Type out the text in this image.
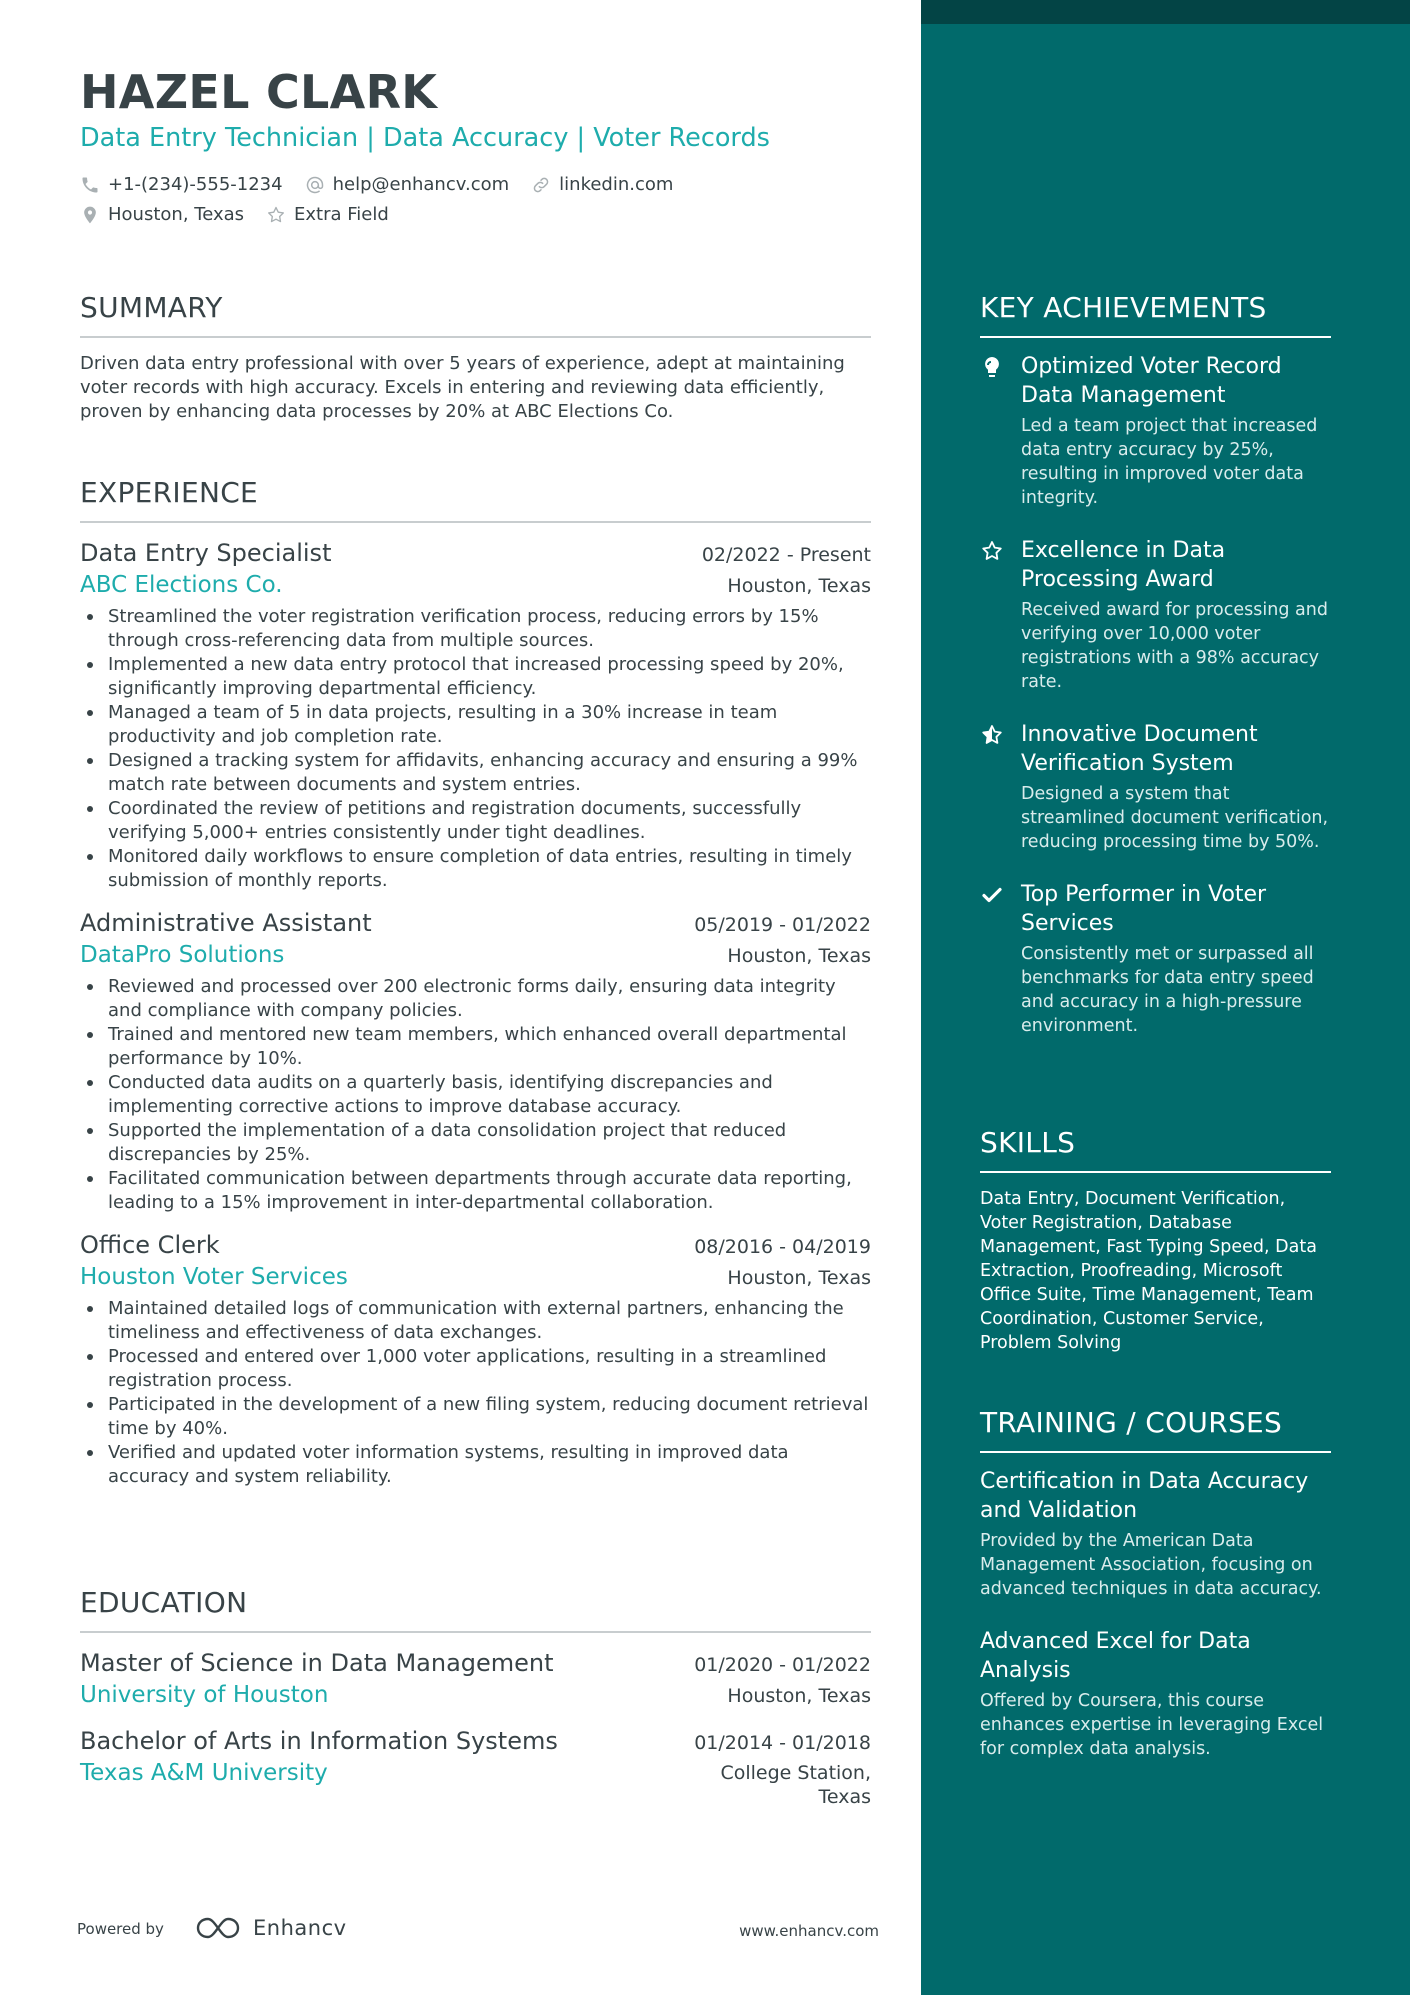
HAZEL CLARK
Data Entry Technician | Data Accuracy | Voter Records
+1-(234)-555-1234	help@enhancv.com	linkedin.com
Houston, Texas	Extra Field
SUMMARY
Driven data entry professional with over 5 years of experience, adept at maintaining voter records with high accuracy. Excels in entering and reviewing data efficiently, proven by enhancing data processes by 20% at ABC Elections Co.
EXPERIENCE
Data Entry Specialist	02/2022 - Present
ABC Elections Co.	Houston, Texas
Streamlined the voter registration verification process, reducing errors by 15% through cross-referencing data from multiple sources.
Implemented a new data entry protocol that increased processing speed by 20%, significantly improving departmental efficiency.
Managed a team of 5 in data projects, resulting in a 30% increase in team productivity and job completion rate.
Designed a tracking system for affidavits, enhancing accuracy and ensuring a 99% match rate between documents and system entries.
Coordinated the review of petitions and registration documents, successfully verifying 5,000+ entries consistently under tight deadlines.
Monitored daily workflows to ensure completion of data entries, resulting in timely submission of monthly reports.
Administrative Assistant	05/2019 - 01/2022
DataPro Solutions	Houston, Texas
Reviewed and processed over 200 electronic forms daily, ensuring data integrity and compliance with company policies.
Trained and mentored new team members, which enhanced overall departmental performance by 10%.
Conducted data audits on a quarterly basis, identifying discrepancies and implementing corrective actions to improve database accuracy.
Supported the implementation of a data consolidation project that reduced discrepancies by 25%.
Facilitated communication between departments through accurate data reporting, leading to a 15% improvement in inter-departmental collaboration.
Office Clerk	08/2016 - 04/2019
Houston Voter Services	Houston, Texas
Maintained detailed logs of communication with external partners, enhancing the timeliness and effectiveness of data exchanges.
Processed and entered over 1,000 voter applications, resulting in a streamlined registration process.
Participated in the development of a new filing system, reducing document retrieval time by 40%.
Verified and updated voter information systems, resulting in improved data accuracy and system reliability.
EDUCATION
Master of Science in Data Management	01/2020 - 01/2022
University of Houston	Houston, Texas
Bachelor of Arts in Information Systems	01/2014 - 01/2018
Texas A&M University	College Station, Texas
KEY ACHIEVEMENTS
Optimized Voter Record Data Management
Led a team project that increased data entry accuracy by 25%, resulting in improved voter data integrity.
Excellence in Data Processing Award
Received award for processing and verifying over 10,000 voter registrations with a 98% accuracy rate.
Innovative Document Verification System
Designed a system that streamlined document verification, reducing processing time by 50%.
Top Performer in Voter Services
Consistently met or surpassed all benchmarks for data entry speed and accuracy in a high-pressure environment.
SKILLS
Data Entry, Document Verification, Voter Registration, Database Management, Fast Typing Speed, Data Extraction, Proofreading, Microsoft Office Suite, Time Management, Team Coordination, Customer Service, Problem Solving
TRAINING / COURSES
Certification in Data Accuracy and Validation
Provided by the American Data Management Association, focusing on advanced techniques in data accuracy.
Advanced Excel for Data Analysis
Offered by Coursera, this course enhances expertise in leveraging Excel for complex data analysis.
Powered by	Enhancv	www.enhancv.com
